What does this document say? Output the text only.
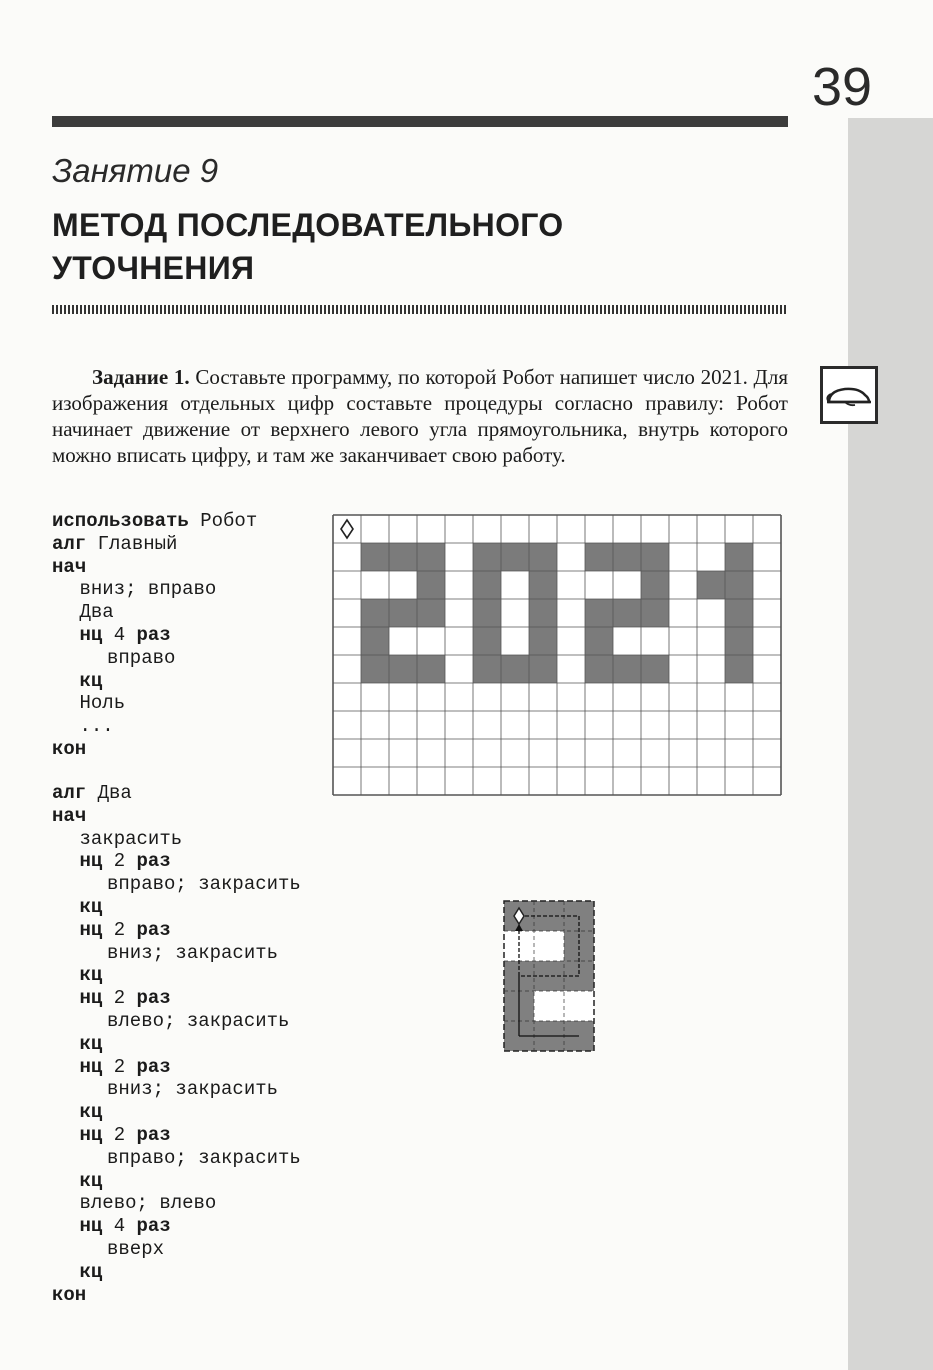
39
Занятие 9
МЕТОД ПОСЛЕДОВАТЕЛЬНОГО
УТОЧНЕНИЯ

Задание 1. Составьте программу, по которой Робот напишет число 2021. Для изображения отдельных цифр составьте процедуры согласно правилу: Робот начинает движение от верхнего левого угла прямоугольника, внутрь которого можно вписать цифру, и там же заканчивает свою работу.

использовать Робот
алг Главный
нач
вниз; вправо
Два
нц 4 раз
вправо
кц
Ноль
...
кон
алг Два
нач
закрасить
нц 2 раз
вправо; закрасить
кц
нц 2 раз
вниз; закрасить
кц
нц 2 раз
влево; закрасить
кц
нц 2 раз
вниз; закрасить
кц
нц 2 раз
вправо; закрасить
кц
влево; влево
нц 4 раз
вверх
кц
кон
